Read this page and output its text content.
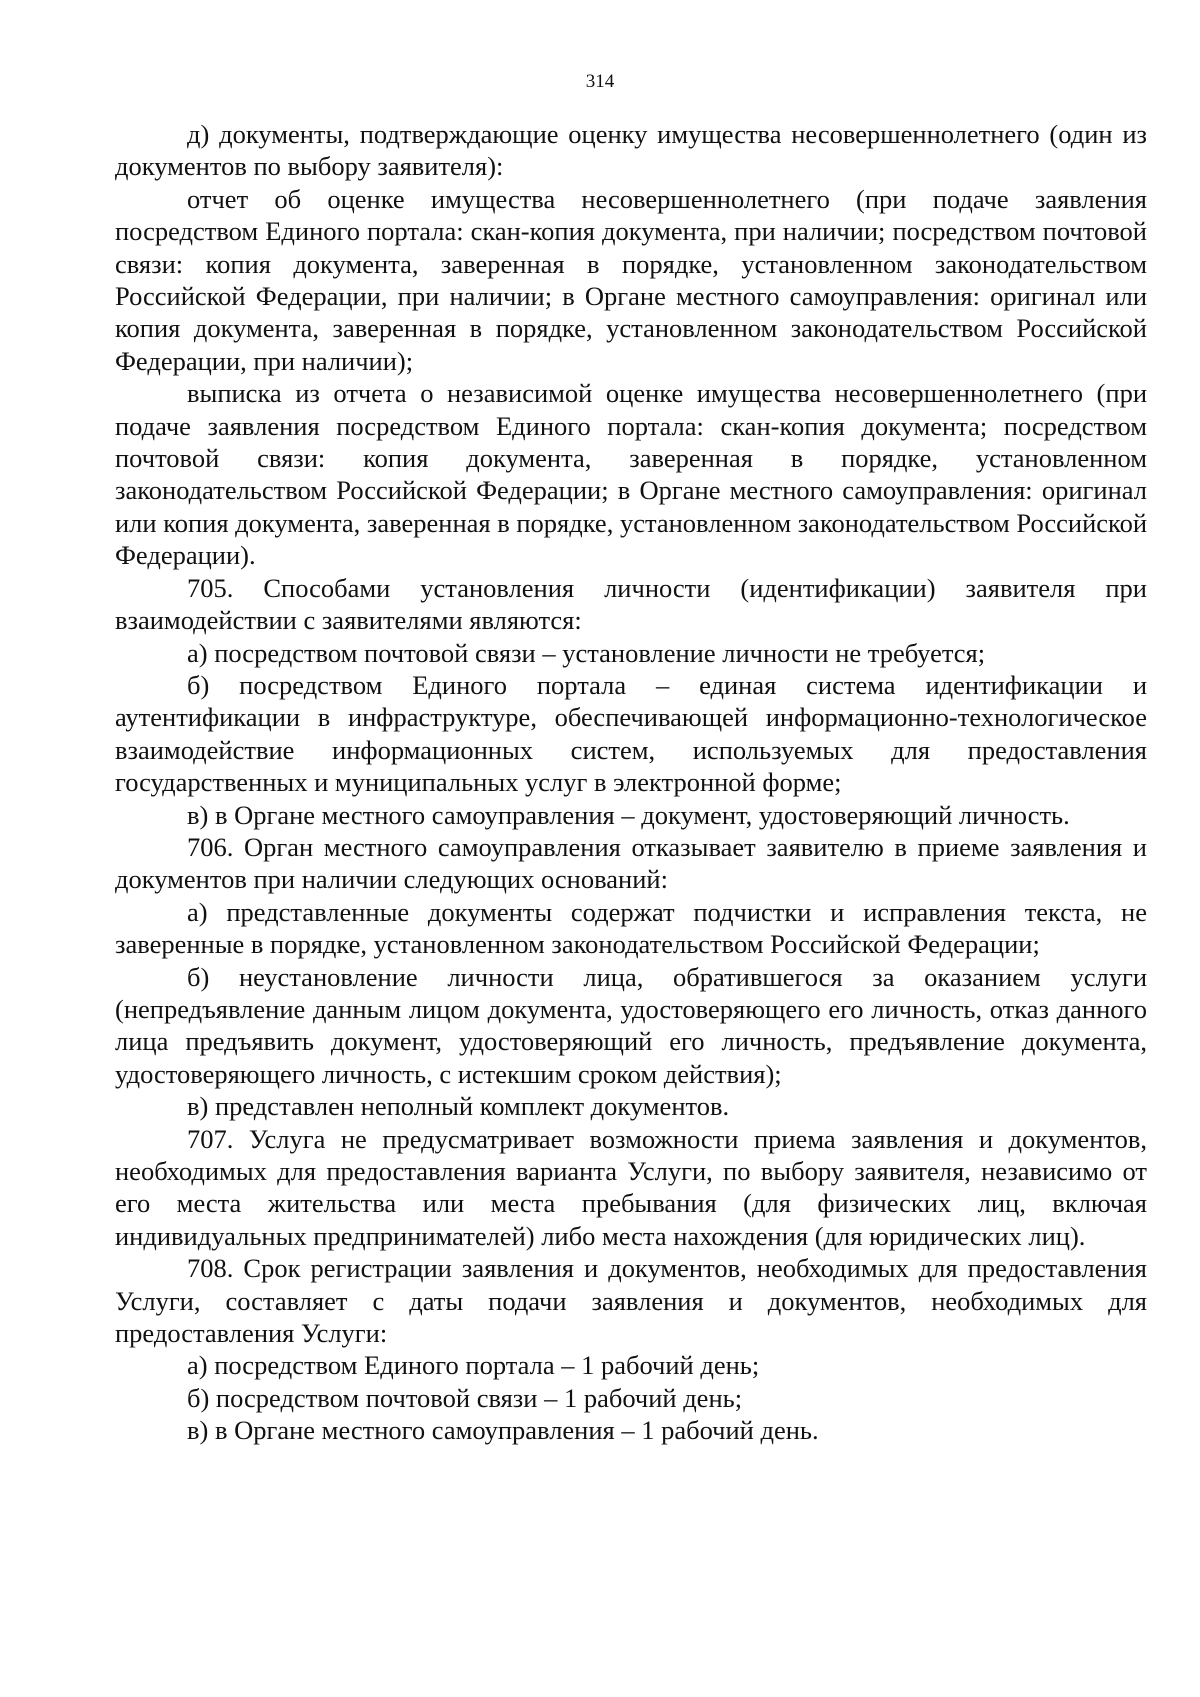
314

д) документы, подтверждающие оценку имущества несовершеннолетнего (один из документов по выбору заявителя):

отчет об оценке имущества несовершеннолетнего (при подаче заявления посредством Единого портала: скан-копия документа, при наличии; посредством почтовой связи: копия документа, заверенная в порядке, установленном законодательством Российской Федерации, при наличии; в Органе местного самоуправления: оригинал или копия документа, заверенная в порядке, установленном законодательством Российской Федерации, при наличии);

выписка из отчета о независимой оценке имущества несовершеннолетнего (при подаче заявления посредством Единого портала: скан-копия документа; посредством почтовой связи: копия документа, заверенная в порядке, установленном законодательством Российской Федерации; в Органе местного самоуправления: оригинал или копия документа, заверенная в порядке, установленном законодательством Российской Федерации).

705. Способами установления личности (идентификации) заявителя при взаимодействии с заявителями являются:

а) посредством почтовой связи – установление личности не требуется;

б) посредством Единого портала – единая система идентификации и аутентификации в инфраструктуре, обеспечивающей информационно-технологическое взаимодействие информационных систем, используемых для предоставления государственных и муниципальных услуг в электронной форме;

в) в Органе местного самоуправления – документ, удостоверяющий личность.

706. Орган местного самоуправления отказывает заявителю в приеме заявления и документов при наличии следующих оснований:

а) представленные документы содержат подчистки и исправления текста, не заверенные в порядке, установленном законодательством Российской Федерации;

б) неустановление личности лица, обратившегося за оказанием услуги (непредъявление данным лицом документа, удостоверяющего его личность, отказ данного лица предъявить документ, удостоверяющий его личность, предъявление документа, удостоверяющего личность, с истекшим сроком действия);

в) представлен неполный комплект документов.

707. Услуга не предусматривает возможности приема заявления и документов, необходимых для предоставления варианта Услуги, по выбору заявителя, независимо от его места жительства или места пребывания (для физических лиц, включая индивидуальных предпринимателей) либо места нахождения (для юридических лиц).

708. Срок регистрации заявления и документов, необходимых для предоставления Услуги, составляет с даты подачи заявления и документов, необходимых для предоставления Услуги:

а) посредством Единого портала – 1 рабочий день;

б) посредством почтовой связи – 1 рабочий день;

в) в Органе местного самоуправления – 1 рабочий день.
